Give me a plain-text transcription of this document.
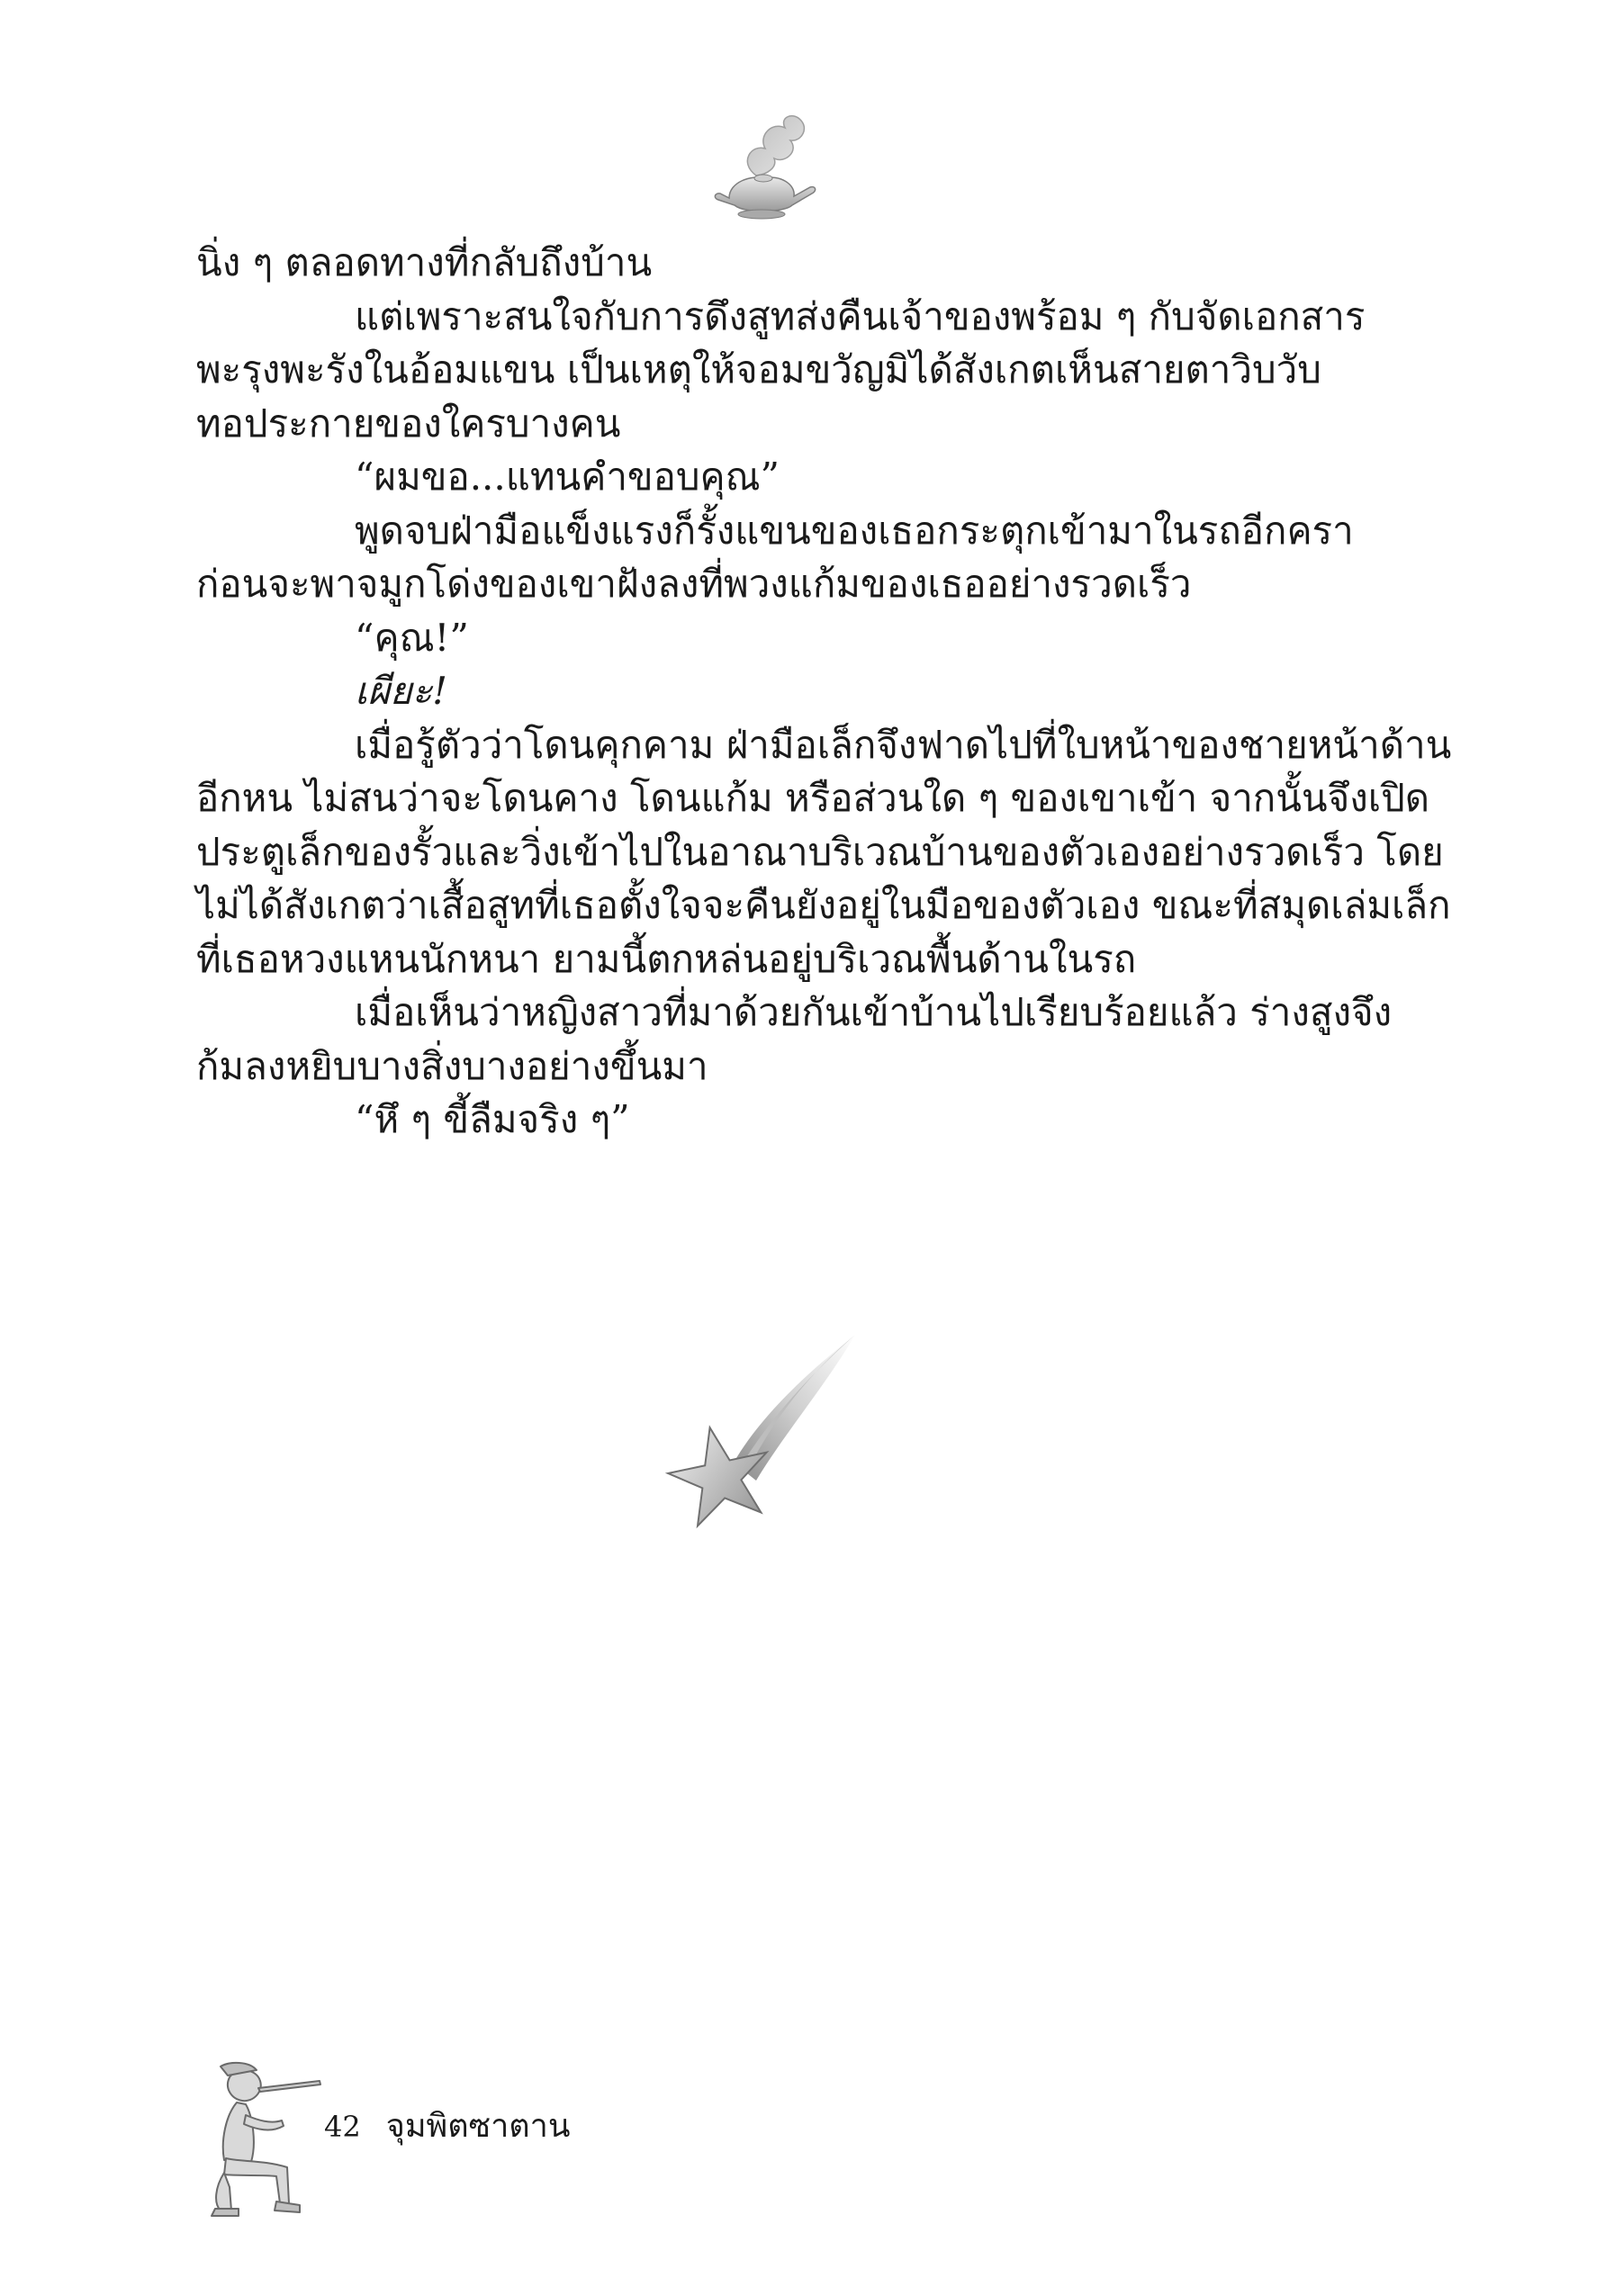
นิ่ง ๆ ตลอดทางที่กลับถึงบ้าน

แต่เพราะสนใจกับการดึงสูทส่งคืนเจ้าของพร้อม ๆ กับจัดเอกสาร

พะรุงพะรังในอ้อมแขน เป็นเหตุให้จอมขวัญมิได้สังเกตเห็นสายตาวิบวับ

ทอประกายของใครบางคน

“ผมขอ...แทนคำขอบคุณ”

พูดจบฝ่ามือแข็งแรงก็รั้งแขนของเธอกระตุกเข้ามาในรถอีกครา

ก่อนจะพาจมูกโด่งของเขาฝังลงที่พวงแก้มของเธออย่างรวดเร็ว

“คุณ!”

เผียะ!

เมื่อรู้ตัวว่าโดนคุกคาม ฝ่ามือเล็กจึงฟาดไปที่ใบหน้าของชายหน้าด้าน

อีกหน ไม่สนว่าจะโดนคาง โดนแก้ม หรือส่วนใด ๆ ของเขาเข้า จากนั้นจึงเปิด

ประตูเล็กของรั้วและวิ่งเข้าไปในอาณาบริเวณบ้านของตัวเองอย่างรวดเร็ว โดย

ไม่ได้สังเกตว่าเสื้อสูทที่เธอตั้งใจจะคืนยังอยู่ในมือของตัวเอง ขณะที่สมุดเล่มเล็ก

ที่เธอหวงแหนนักหนา ยามนี้ตกหล่นอยู่บริเวณพื้นด้านในรถ

เมื่อเห็นว่าหญิงสาวที่มาด้วยกันเข้าบ้านไปเรียบร้อยแล้ว ร่างสูงจึง

ก้มลงหยิบบางสิ่งบางอย่างขึ้นมา

“หึ ๆ ขี้ลืมจริง ๆ”

42 จุมพิตซาตาน
